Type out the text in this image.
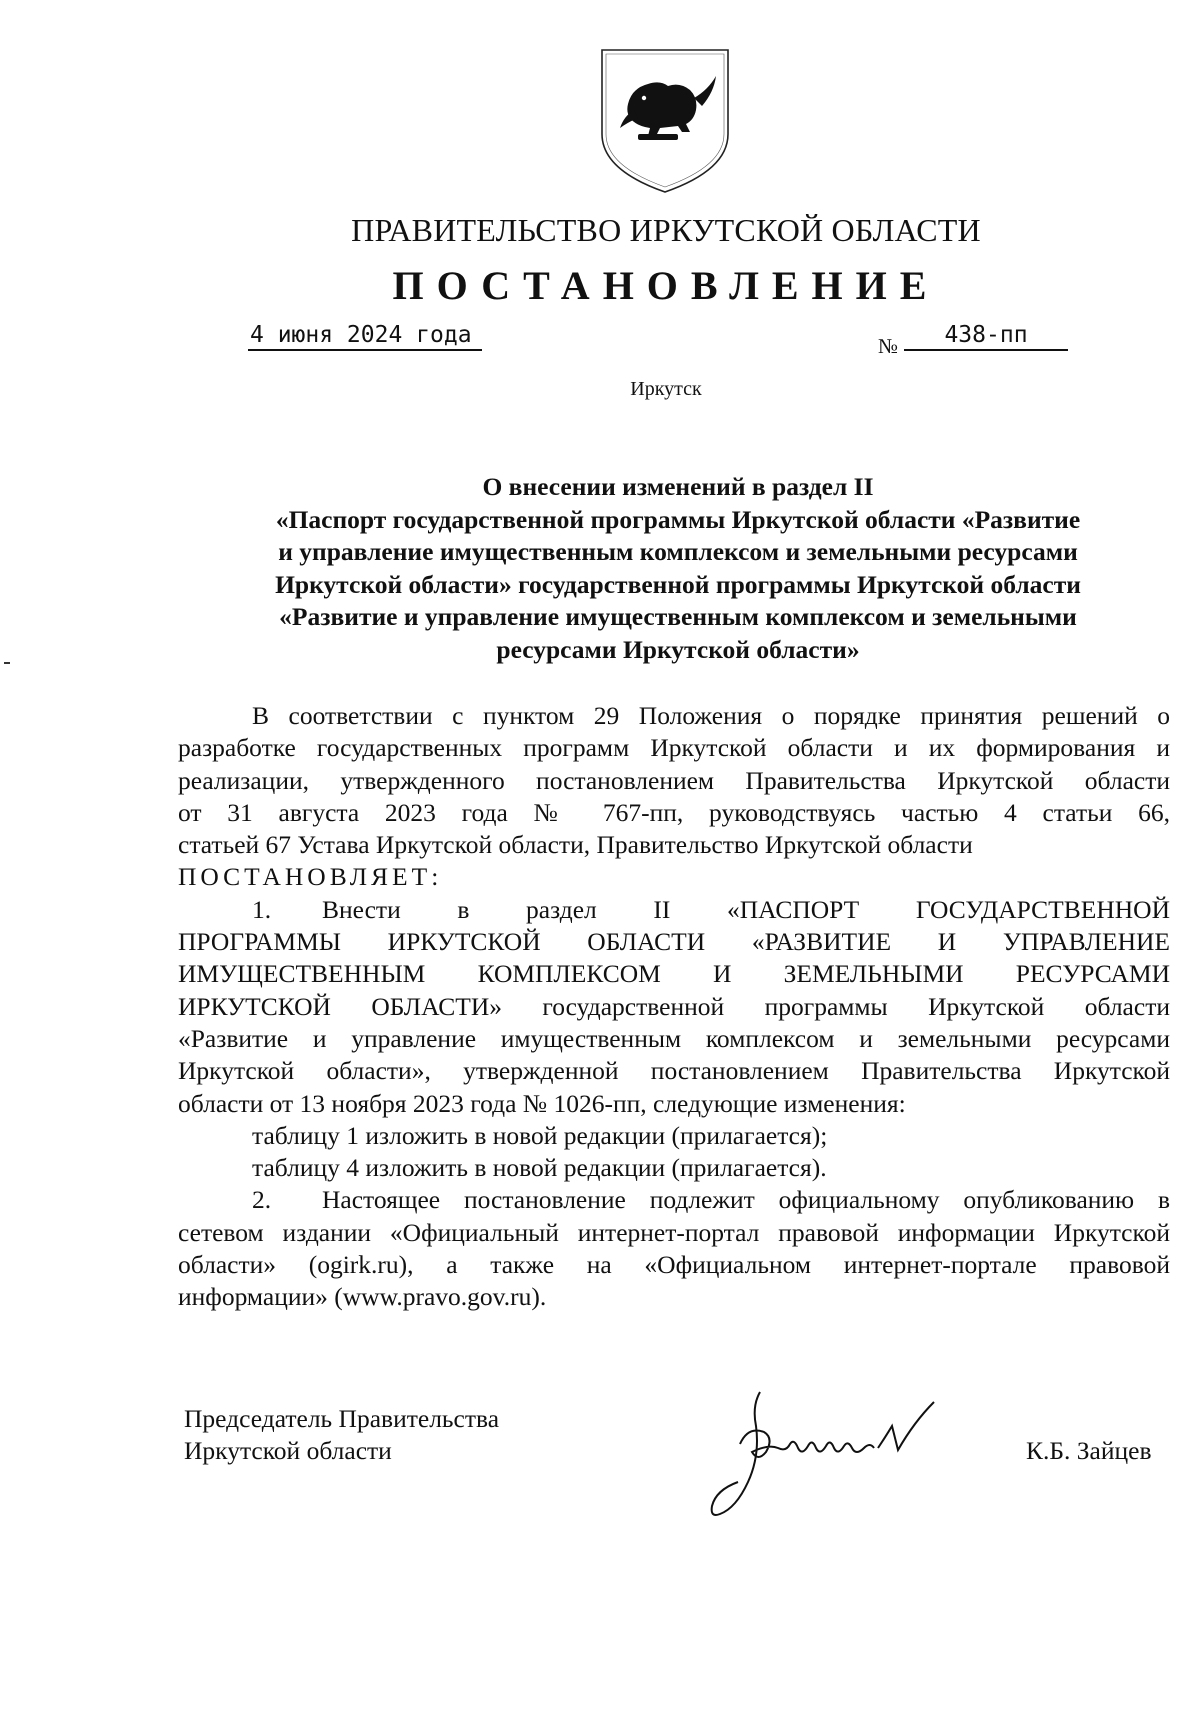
ПРАВИТЕЛЬСТВО ИРКУТСКОЙ ОБЛАСТИ
ПОСТАНОВЛЕНИЕ
4 июня 2024 года	№	438-пп
Иркутск
О внесении изменений в раздел II
«Паспорт государственной программы Иркутской области «Развитие
и управление имущественным комплексом и земельными ресурсами
Иркутской области» государственной программы Иркутской области
«Развитие и управление имущественным комплексом и земельными
ресурсами Иркутской области»
В соответствии с пунктом 29 Положения о порядке принятия решений о
разработке государственных программ Иркутской области и их формирования и
реализации, утвержденного постановлением Правительства Иркутской области
от 31 августа 2023 года № 767-пп, руководствуясь частью 4 статьи 66,
статьей 67 Устава Иркутской области, Правительство Иркутской области
ПОСТАНОВЛЯЕТ:
1. Внести в раздел II «ПАСПОРТ ГОСУДАРСТВЕННОЙ
ПРОГРАММЫ ИРКУТСКОЙ ОБЛАСТИ «РАЗВИТИЕ И УПРАВЛЕНИЕ
ИМУЩЕСТВЕННЫМ КОМПЛЕКСОМ И ЗЕМЕЛЬНЫМИ РЕСУРСАМИ
ИРКУТСКОЙ ОБЛАСТИ» государственной программы Иркутской области
«Развитие и управление имущественным комплексом и земельными ресурсами
Иркутской области», утвержденной постановлением Правительства Иркутской
области от 13 ноября 2023 года № 1026-пп, следующие изменения:
таблицу 1 изложить в новой редакции (прилагается);
таблицу 4 изложить в новой редакции (прилагается).
2. Настоящее постановление подлежит официальному опубликованию в
сетевом издании «Официальный интернет-портал правовой информации Иркутской
области» (ogirk.ru), а также на «Официальном интернет-портале правовой
информации» (www.pravo.gov.ru).
Председатель Правительства
Иркутской области	К.Б. Зайцев
